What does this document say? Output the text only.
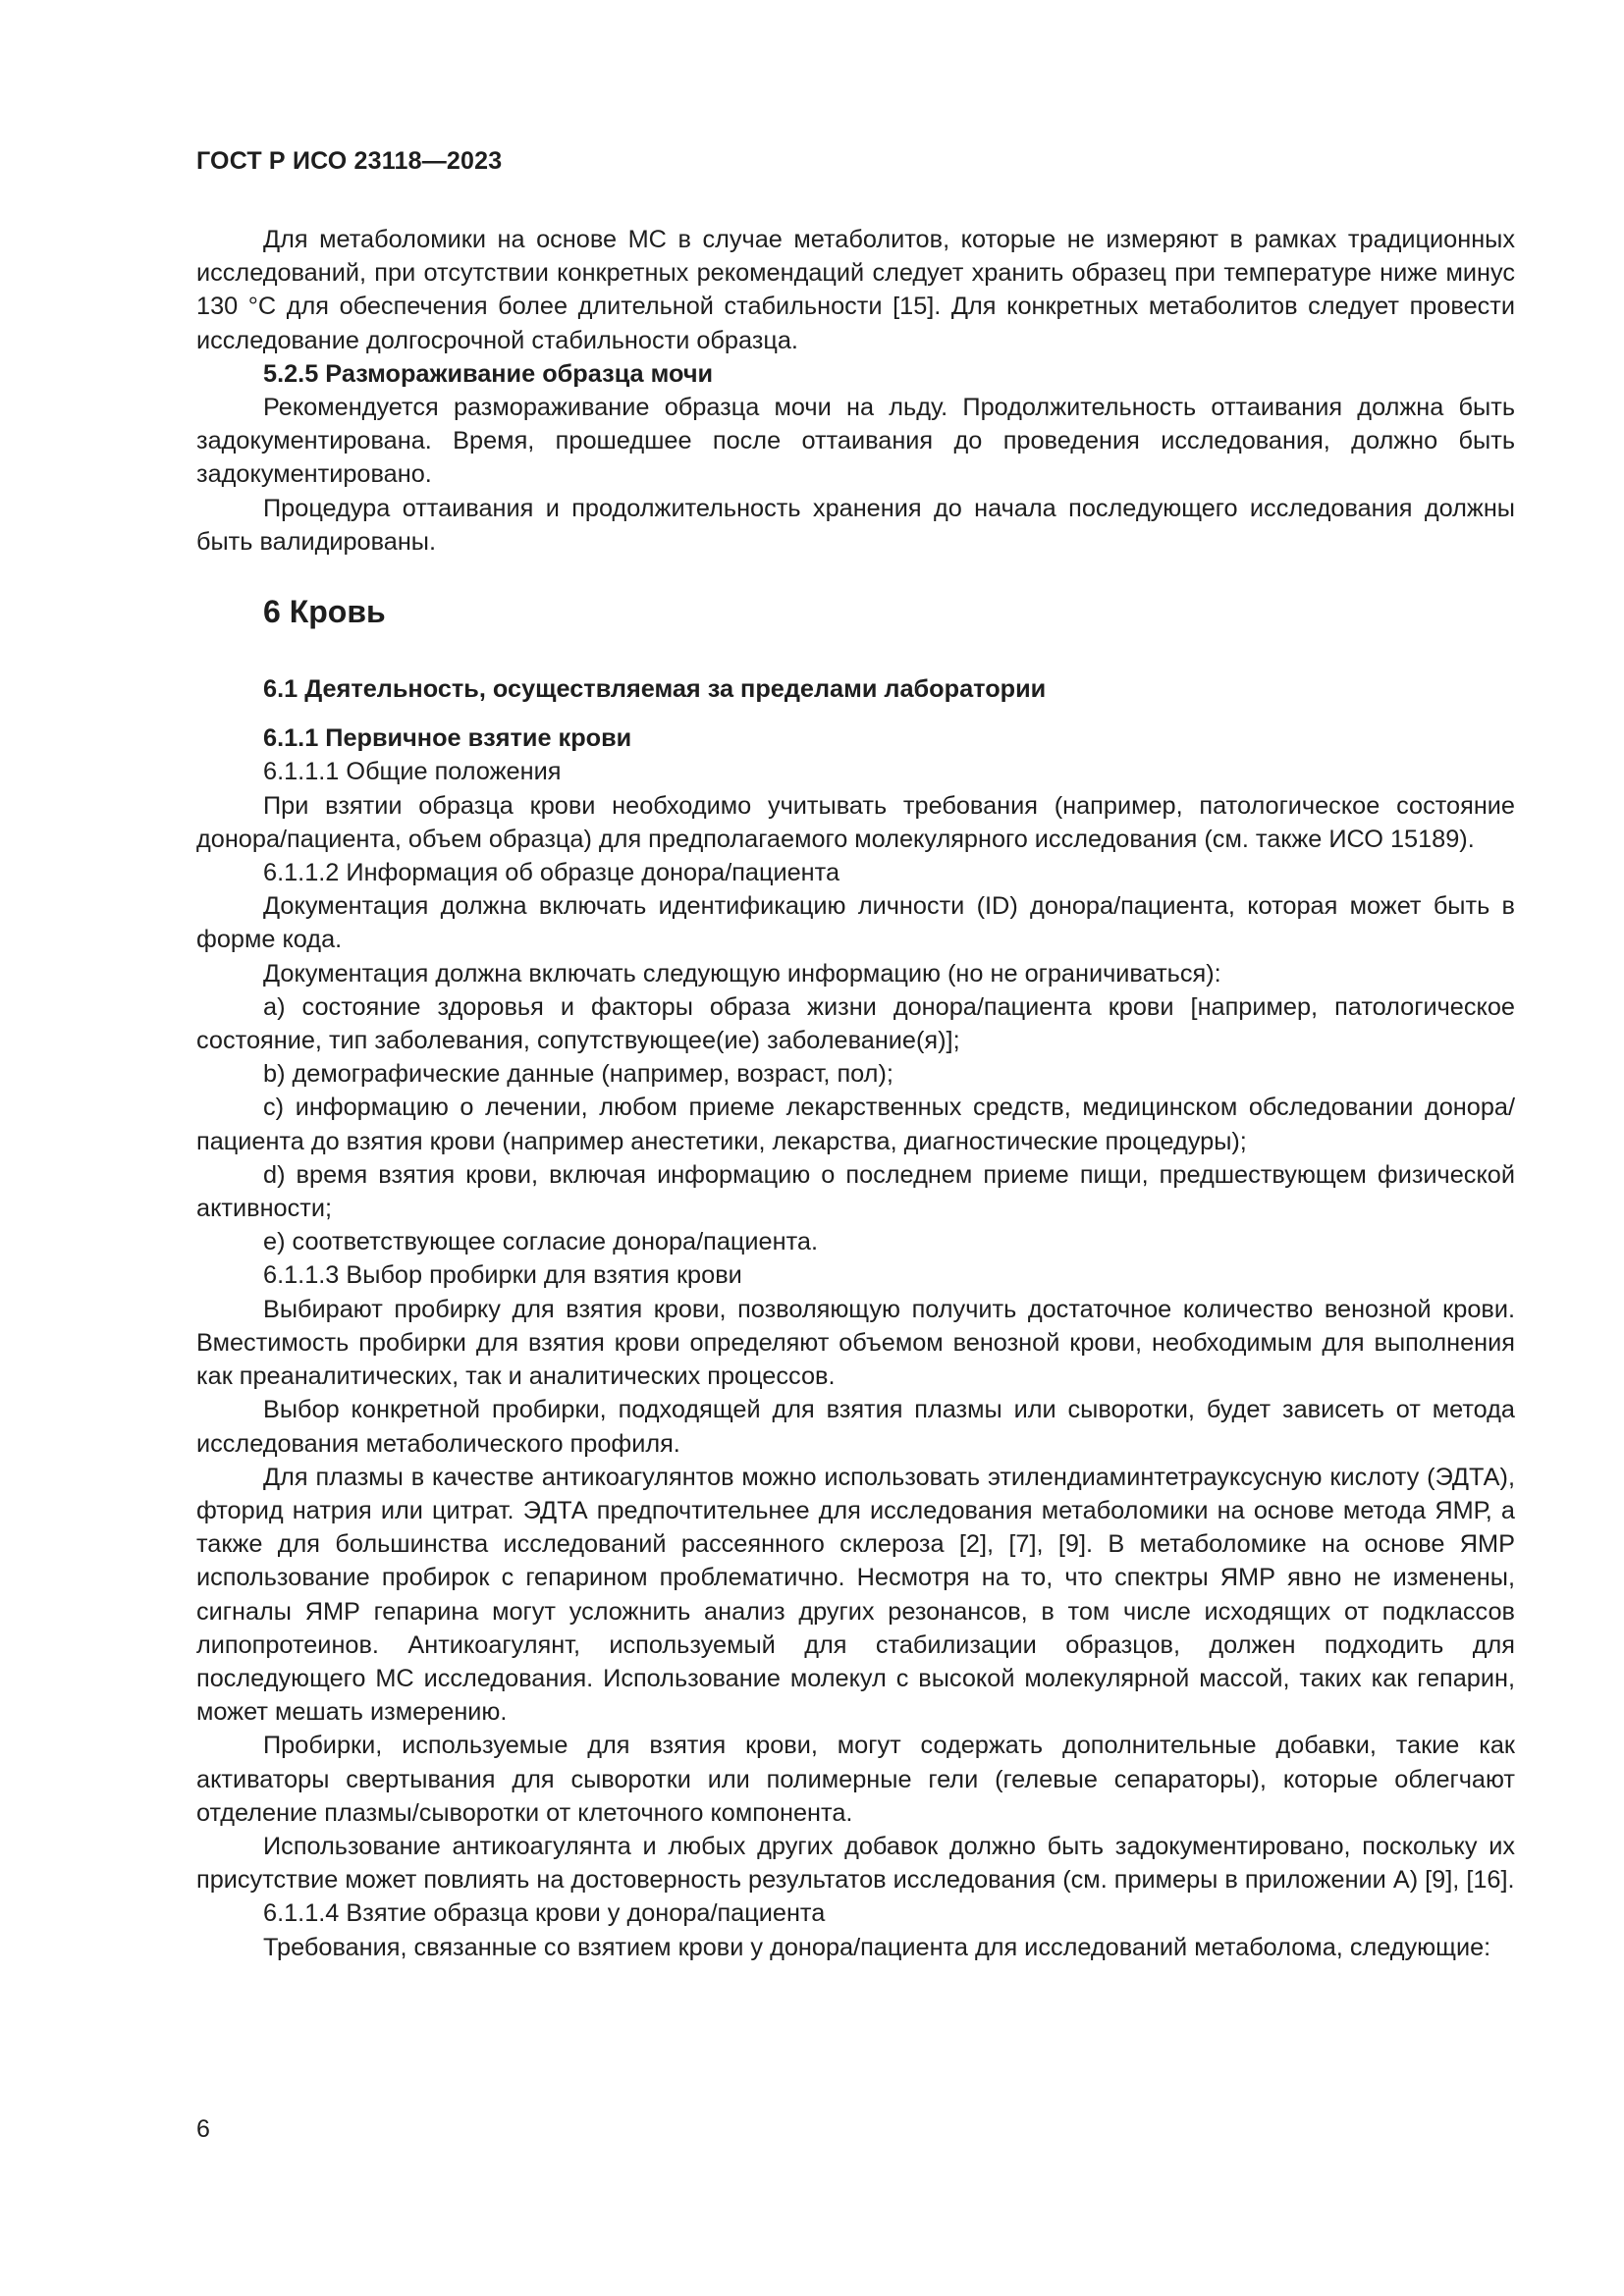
ГОСТ Р ИСО 23118—2023

Для метаболомики на основе МС в случае метаболитов, которые не измеряют в рамках традиционных исследований, при отсутствии конкретных рекомендаций следует хранить образец при температуре ниже минус 130 °C для обеспечения более длительной стабильности [15]. Для конкретных метаболитов следует провести исследование долгосрочной стабильности образца.

5.2.5 Размораживание образца мочи

Рекомендуется размораживание образца мочи на льду. Продолжительность оттаивания должна быть задокументирована. Время, прошедшее после оттаивания до проведения исследования, должно быть задокументировано.

Процедура оттаивания и продолжительность хранения до начала последующего исследования должны быть валидированы.

6 Кровь
6.1 Деятельность, осуществляемая за пределами лаборатории
6.1.1 Первичное взятие крови

6.1.1.1 Общие положения

При взятии образца крови необходимо учитывать требования (например, патологическое состояние донора/пациента, объем образца) для предполагаемого молекулярного исследования (см. также ИСО 15189).

6.1.1.2 Информация об образце донора/пациента

Документация должна включать идентификацию личности (ID) донора/пациента, которая может быть в форме кода.

Документация должна включать следующую информацию (но не ограничиваться):

a) состояние здоровья и факторы образа жизни донора/пациента крови [например, патологическое состояние, тип заболевания, сопутствующее(ие) заболевание(я)];

b) демографические данные (например, возраст, пол);

c) информацию о лечении, любом приеме лекарственных средств, медицинском обследовании донора/пациента до взятия крови (например анестетики, лекарства, диагностические процедуры);

d) время взятия крови, включая информацию о последнем приеме пищи, предшествующем физической активности;

e) соответствующее согласие донора/пациента.

6.1.1.3 Выбор пробирки для взятия крови

Выбирают пробирку для взятия крови, позволяющую получить достаточное количество венозной крови. Вместимость пробирки для взятия крови определяют объемом венозной крови, необходимым для выполнения как преаналитических, так и аналитических процессов.

Выбор конкретной пробирки, подходящей для взятия плазмы или сыворотки, будет зависеть от метода исследования метаболического профиля.

Для плазмы в качестве антикоагулянтов можно использовать этилендиаминтетрауксусную кислоту (ЭДТА), фторид натрия или цитрат. ЭДТА предпочтительнее для исследования метаболомики на основе метода ЯМР, а также для большинства исследований рассеянного склероза [2], [7], [9]. В метаболомике на основе ЯМР использование пробирок с гепарином проблематично. Несмотря на то, что спектры ЯМР явно не изменены, сигналы ЯМР гепарина могут усложнить анализ других резонансов, в том числе исходящих от подклассов липопротеинов. Антикоагулянт, используемый для стабилизации образцов, должен подходить для последующего МС исследования. Использование молекул с высокой молекулярной массой, таких как гепарин, может мешать измерению.

Пробирки, используемые для взятия крови, могут содержать дополнительные добавки, такие как активаторы свертывания для сыворотки или полимерные гели (гелевые сепараторы), которые облегчают отделение плазмы/сыворотки от клеточного компонента.

Использование антикоагулянта и любых других добавок должно быть задокументировано, поскольку их присутствие может повлиять на достоверность результатов исследования (см. примеры в приложении А) [9], [16].

6.1.1.4 Взятие образца крови у донора/пациента

Требования, связанные со взятием крови у донора/пациента для исследований метаболома, следующие:

6
